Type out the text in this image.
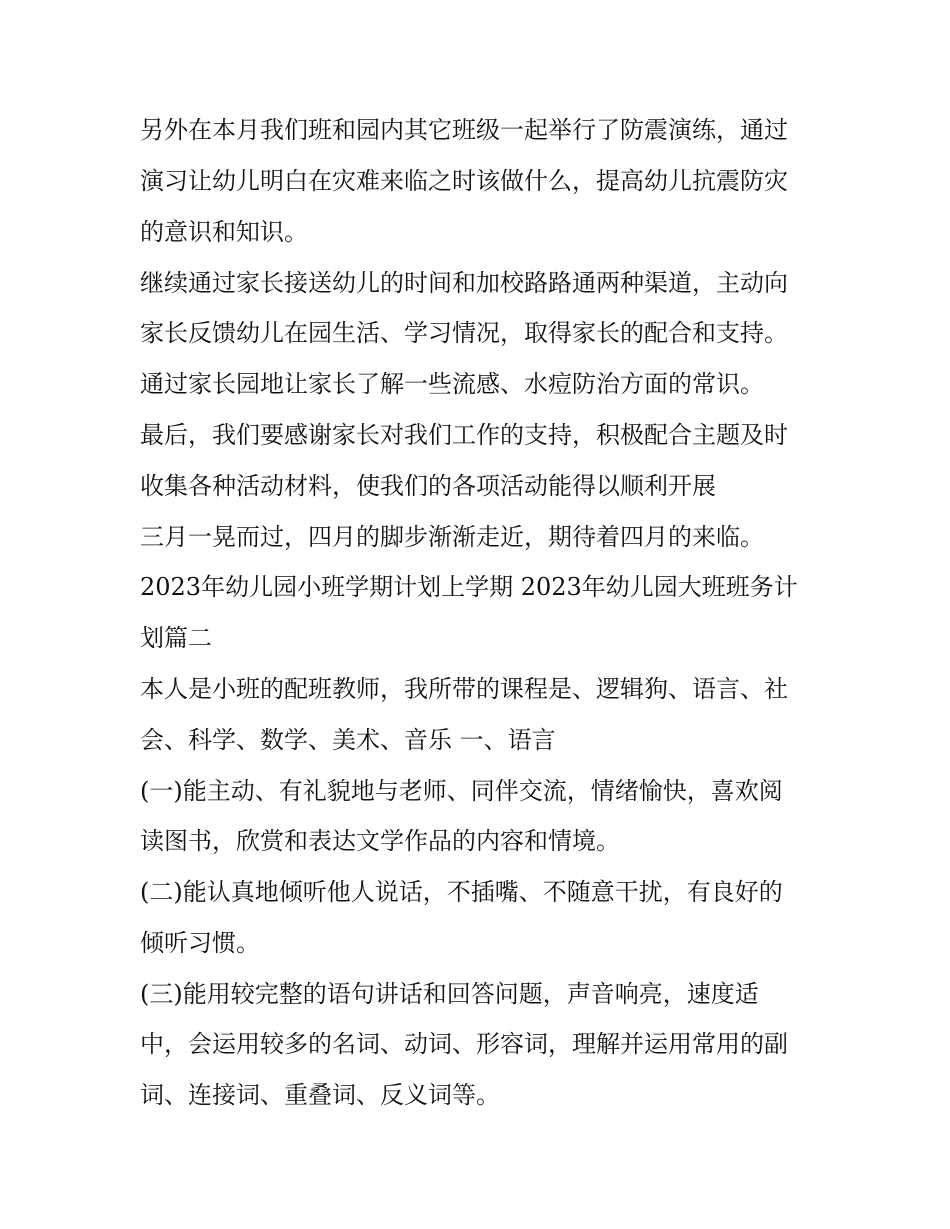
另外在本月我们班和园内其它班级一起举行了防震演练，通过
演习让幼儿明白在灾难来临之时该做什么，提高幼儿抗震防灾
的意识和知识。
继续通过家长接送幼儿的时间和加校路路通两种渠道，主动向
家长反馈幼儿在园生活、学习情况，取得家长的配合和支持。
通过家长园地让家长了解一些流感、水痘防治方面的常识。
最后，我们要感谢家长对我们工作的支持，积极配合主题及时
收集各种活动材料，使我们的各项活动能得以顺利开展
三月一晃而过，四月的脚步渐渐走近，期待着四月的来临。
2023年幼儿园小班学期计划上学期 2023年幼儿园大班班务计
划篇二
本人是小班的配班教师，我所带的课程是、逻辑狗、语言、社
会、科学、数学、美术、音乐 一、语言
(一)能主动、有礼貌地与老师、同伴交流，情绪愉快，喜欢阅
读图书，欣赏和表达文学作品的内容和情境。
(二)能认真地倾听他人说话，不插嘴、不随意干扰，有良好的
倾听习惯。
(三)能用较完整的语句讲话和回答问题，声音响亮，速度适
中，会运用较多的名词、动词、形容词，理解并运用常用的副
词、连接词、重叠词、反义词等。
